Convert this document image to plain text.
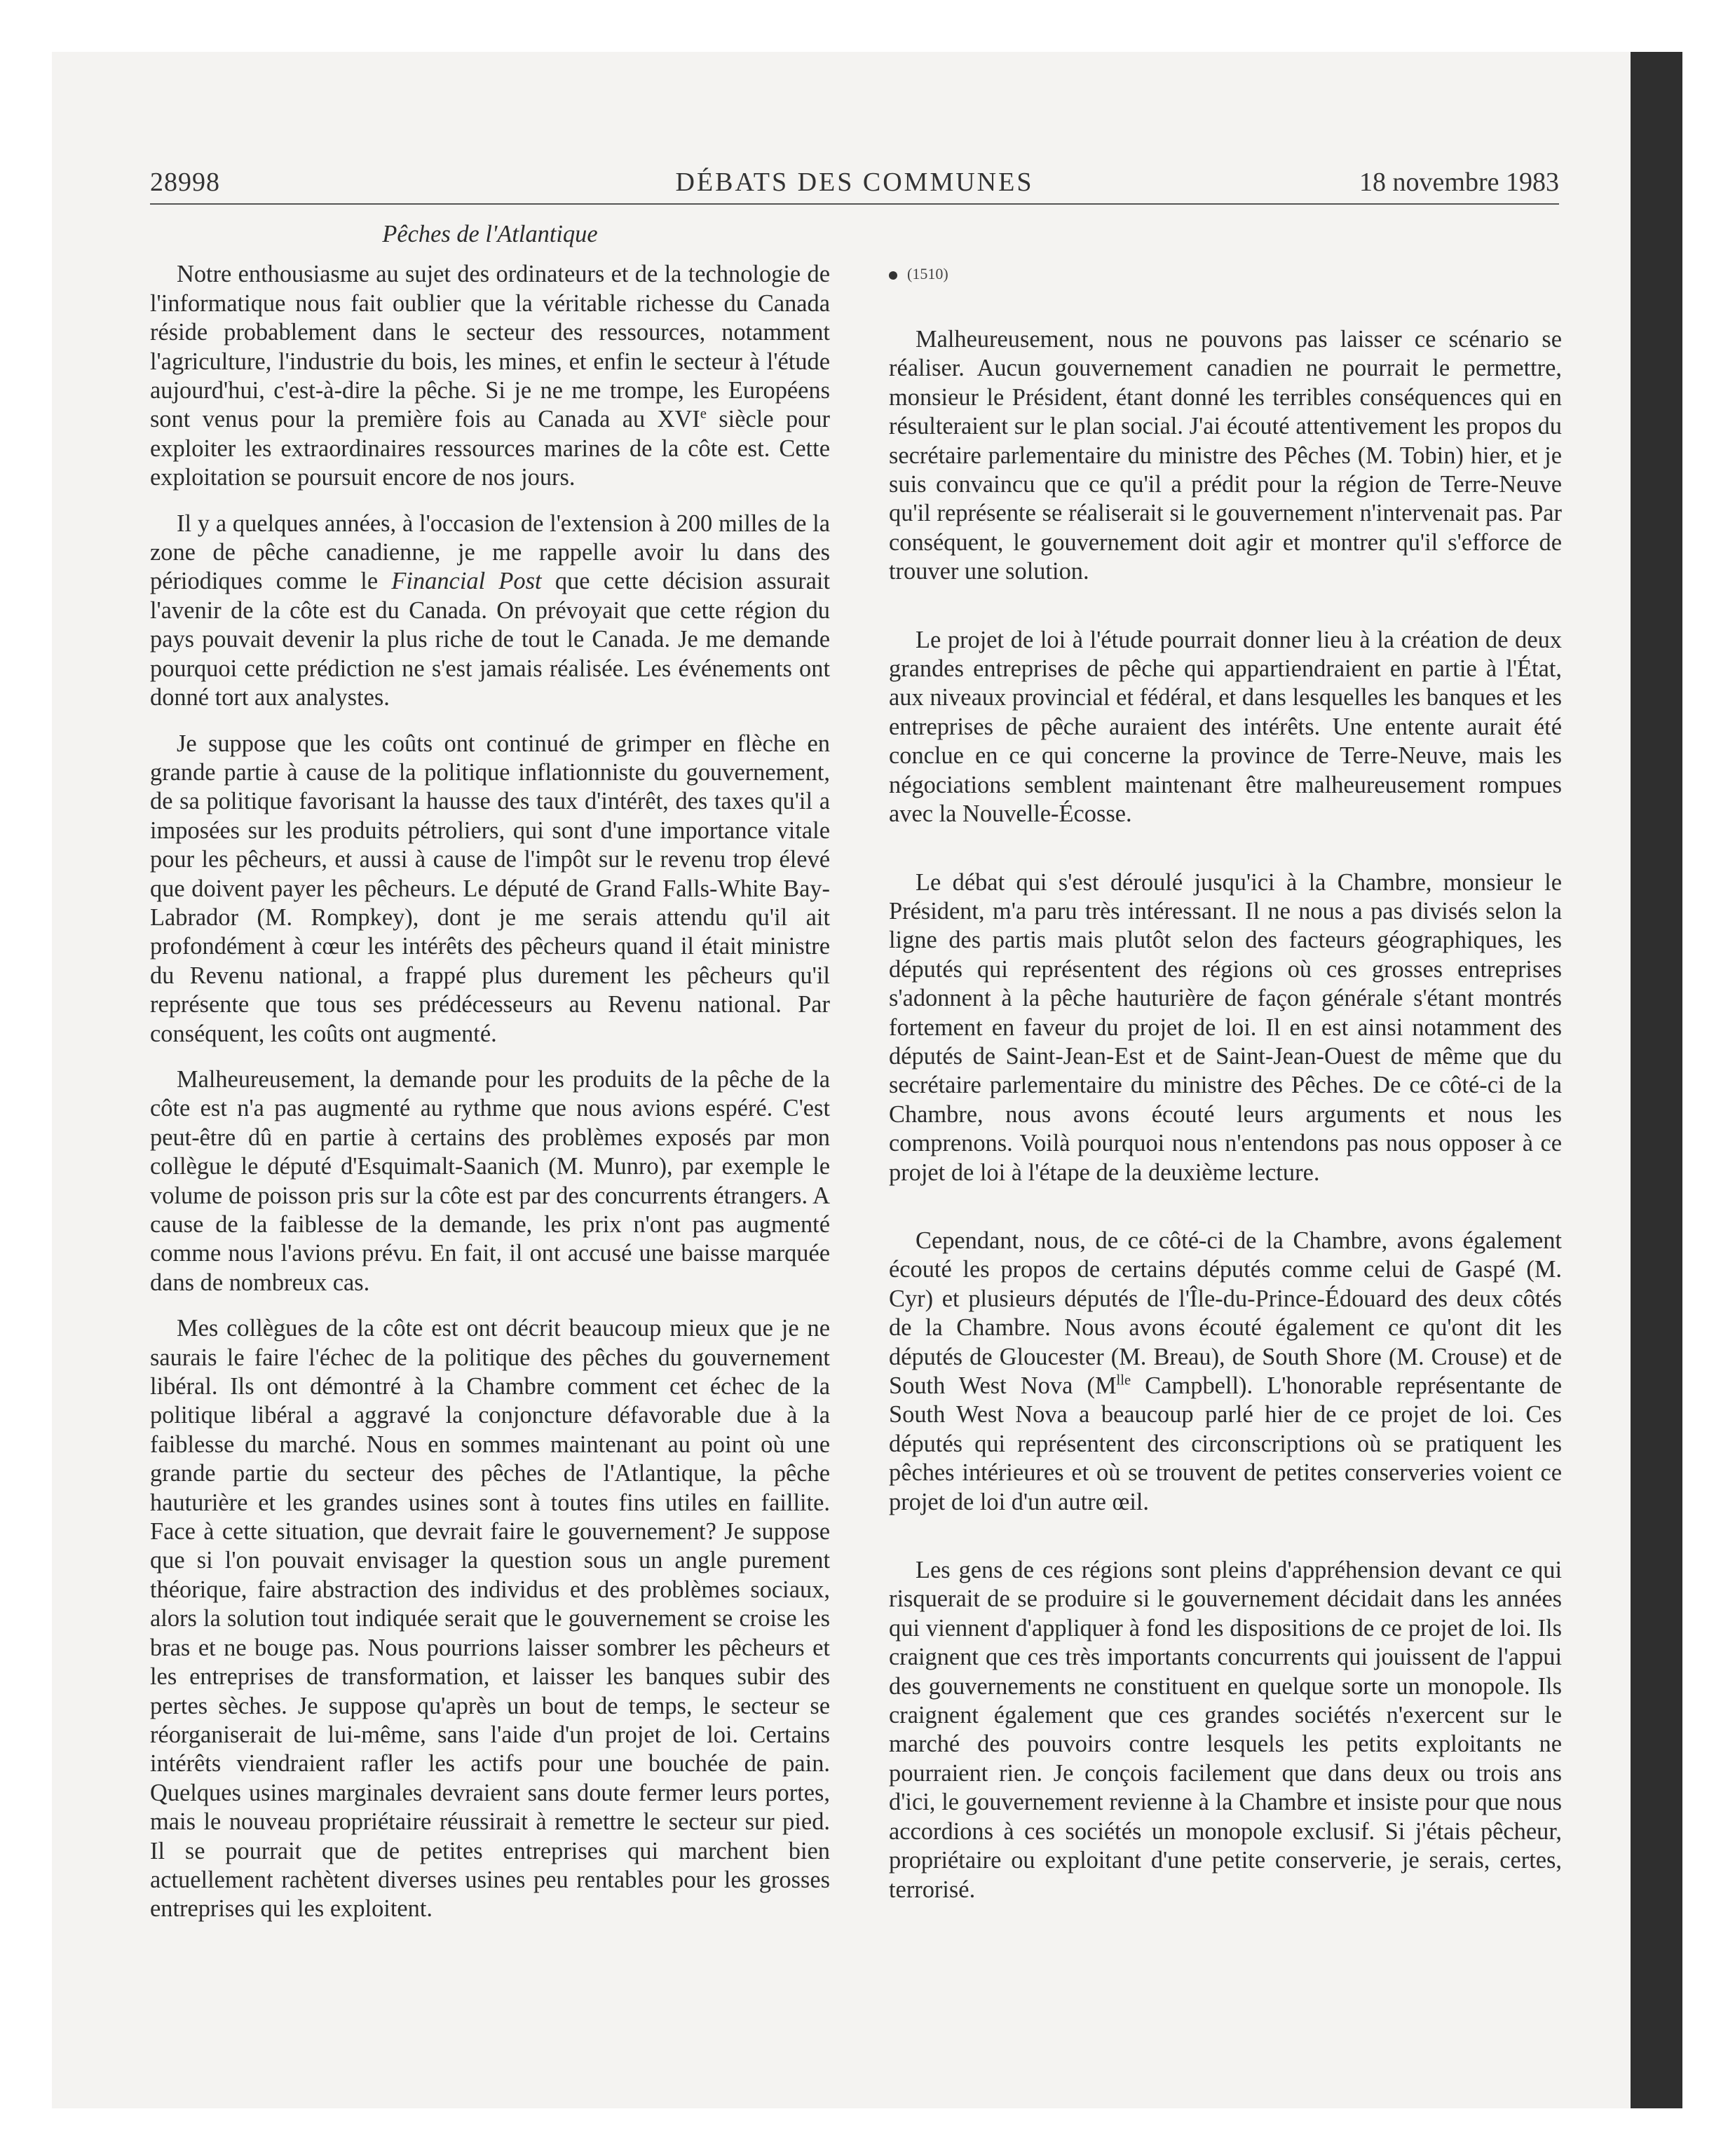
28998	DÉBATS DES COMMUNES	18 novembre 1983
Pêches de l'Atlantique

Notre enthousiasme au sujet des ordinateurs et de la technologie de l'informatique nous fait oublier que la véritable richesse du Canada réside probablement dans le secteur des ressources, notamment l'agriculture, l'industrie du bois, les mines, et enfin le secteur à l'étude aujourd'hui, c'est-à-dire la pêche. Si je ne me trompe, les Européens sont venus pour la première fois au Canada au XVIe siècle pour exploiter les extraordinaires ressources marines de la côte est. Cette exploitation se poursuit encore de nos jours.

Il y a quelques années, à l'occasion de l'extension à 200 milles de la zone de pêche canadienne, je me rappelle avoir lu dans des périodiques comme le Financial Post que cette décision assurait l'avenir de la côte est du Canada. On prévoyait que cette région du pays pouvait devenir la plus riche de tout le Canada. Je me demande pourquoi cette prédiction ne s'est jamais réalisée. Les événements ont donné tort aux analystes.

Je suppose que les coûts ont continué de grimper en flèche en grande partie à cause de la politique inflationniste du gouvernement, de sa politique favorisant la hausse des taux d'intérêt, des taxes qu'il a imposées sur les produits pétroliers, qui sont d'une importance vitale pour les pêcheurs, et aussi à cause de l'impôt sur le revenu trop élevé que doivent payer les pêcheurs. Le député de Grand Falls-White Bay-Labrador (M. Rompkey), dont je me serais attendu qu'il ait profondément à cœur les intérêts des pêcheurs quand il était ministre du Revenu national, a frappé plus durement les pêcheurs qu'il représente que tous ses prédécesseurs au Revenu national. Par conséquent, les coûts ont augmenté.

Malheureusement, la demande pour les produits de la pêche de la côte est n'a pas augmenté au rythme que nous avions espéré. C'est peut-être dû en partie à certains des problèmes exposés par mon collègue le député d'Esquimalt-Saanich (M. Munro), par exemple le volume de poisson pris sur la côte est par des concurrents étrangers. A cause de la faiblesse de la demande, les prix n'ont pas augmenté comme nous l'avions prévu. En fait, il ont accusé une baisse marquée dans de nombreux cas.

Mes collègues de la côte est ont décrit beaucoup mieux que je ne saurais le faire l'échec de la politique des pêches du gouvernement libéral. Ils ont démontré à la Chambre comment cet échec de la politique libéral a aggravé la conjoncture défavorable due à la faiblesse du marché. Nous en sommes maintenant au point où une grande partie du secteur des pêches de l'Atlantique, la pêche hauturière et les grandes usines sont à toutes fins utiles en faillite. Face à cette situation, que devrait faire le gouvernement? Je suppose que si l'on pouvait envisager la question sous un angle purement théorique, faire abstraction des individus et des problèmes sociaux, alors la solution tout indiquée serait que le gouvernement se croise les bras et ne bouge pas. Nous pourrions laisser sombrer les pêcheurs et les entreprises de transformation, et laisser les banques subir des pertes sèches. Je suppose qu'après un bout de temps, le secteur se réorganiserait de lui-même, sans l'aide d'un projet de loi. Certains intérêts viendraient rafler les actifs pour une bouchée de pain. Quelques usines marginales devraient sans doute fermer leurs portes, mais le nouveau propriétaire réussirait à remettre le secteur sur pied. Il se pourrait que de petites entreprises qui marchent bien actuellement rachètent diverses usines peu rentables pour les grosses entreprises qui les exploitent.

(1510)

Malheureusement, nous ne pouvons pas laisser ce scénario se réaliser. Aucun gouvernement canadien ne pourrait le permettre, monsieur le Président, étant donné les terribles conséquences qui en résulteraient sur le plan social. J'ai écouté attentivement les propos du secrétaire parlementaire du ministre des Pêches (M. Tobin) hier, et je suis convaincu que ce qu'il a prédit pour la région de Terre-Neuve qu'il représente se réaliserait si le gouvernement n'intervenait pas. Par conséquent, le gouvernement doit agir et montrer qu'il s'efforce de trouver une solution.

Le projet de loi à l'étude pourrait donner lieu à la création de deux grandes entreprises de pêche qui appartiendraient en partie à l'État, aux niveaux provincial et fédéral, et dans lesquelles les banques et les entreprises de pêche auraient des intérêts. Une entente aurait été conclue en ce qui concerne la province de Terre-Neuve, mais les négociations semblent maintenant être malheureusement rompues avec la Nouvelle-Écosse.

Le débat qui s'est déroulé jusqu'ici à la Chambre, monsieur le Président, m'a paru très intéressant. Il ne nous a pas divisés selon la ligne des partis mais plutôt selon des facteurs géographiques, les députés qui représentent des régions où ces grosses entreprises s'adonnent à la pêche hauturière de façon générale s'étant montrés fortement en faveur du projet de loi. Il en est ainsi notamment des députés de Saint-Jean-Est et de Saint-Jean-Ouest de même que du secrétaire parlementaire du ministre des Pêches. De ce côté-ci de la Chambre, nous avons écouté leurs arguments et nous les comprenons. Voilà pourquoi nous n'entendons pas nous opposer à ce projet de loi à l'étape de la deuxième lecture.

Cependant, nous, de ce côté-ci de la Chambre, avons également écouté les propos de certains députés comme celui de Gaspé (M. Cyr) et plusieurs députés de l'Île-du-Prince-Édouard des deux côtés de la Chambre. Nous avons écouté également ce qu'ont dit les députés de Gloucester (M. Breau), de South Shore (M. Crouse) et de South West Nova ($M^{lle}$ Campbell). L'honorable représentante de South West Nova a beaucoup parlé hier de ce projet de loi. Ces députés qui représentent des circonscriptions où se pratiquent les pêches intérieures et où se trouvent de petites conserveries voient ce projet de loi d'un autre œil.

Les gens de ces régions sont pleins d'appréhension devant ce qui risquerait de se produire si le gouvernement décidait dans les années qui viennent d'appliquer à fond les dispositions de ce projet de loi. Ils craignent que ces très importants concurrents qui jouissent de l'appui des gouvernements ne constituent en quelque sorte un monopole. Ils craignent également que ces grandes sociétés n'exercent sur le marché des pouvoirs contre lesquels les petits exploitants ne pourraient rien. Je conçois facilement que dans deux ou trois ans d'ici, le gouvernement revienne à la Chambre et insiste pour que nous accordions à ces sociétés un monopole exclusif. Si j'étais pêcheur, propriétaire ou exploitant d'une petite conserverie, je serais, certes, terrorisé.
